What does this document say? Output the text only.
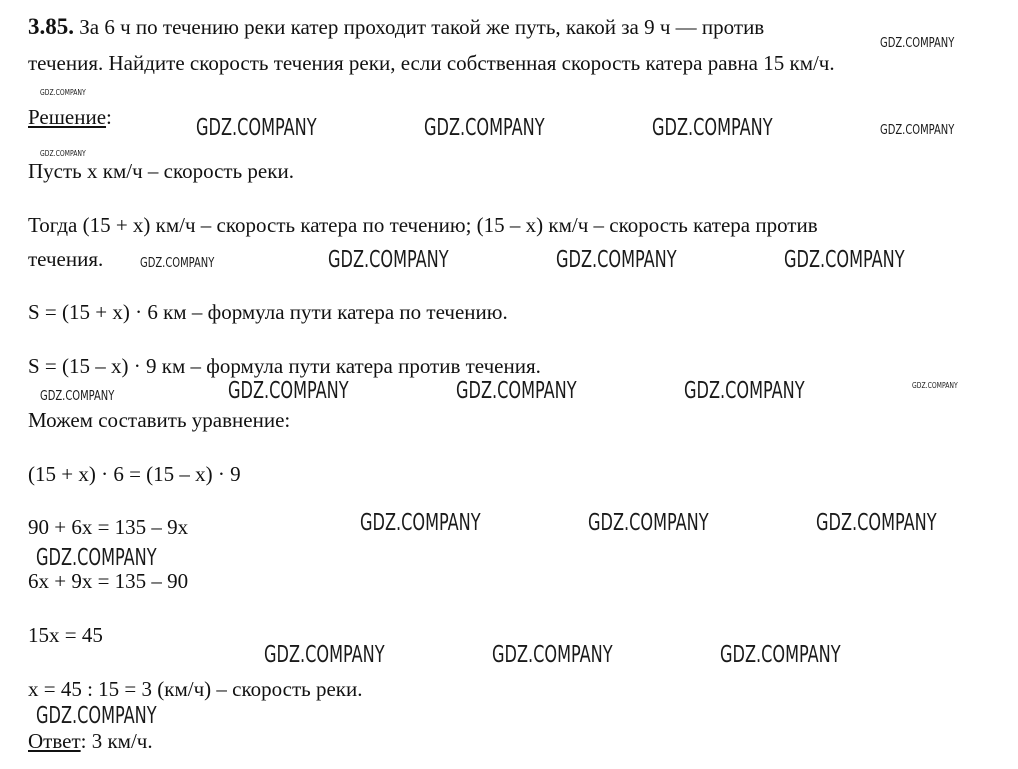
3.85. За 6 ч по течению реки катер проходит такой же путь, какой за 9 ч — против
течения. Найдите скорость течения реки, если собственная скорость катера равна 15 км/ч.
Решение:
Пусть x км/ч – скорость реки.
Тогда (15 + x) км/ч – скорость катера по течению; (15 – x) км/ч – скорость катера против
течения.
S = (15 + x) · 6 км – формула пути катера по течению.
S = (15 – x) · 9 км – формула пути катера против течения.
Можем составить уравнение:
(15 + x) · 6 = (15 – x) · 9
90 + 6x = 135 – 9x
6x + 9x = 135 – 90
15x = 45
x = 45 : 15 = 3 (км/ч) – скорость реки.
Ответ: 3 км/ч.
GDZ.COMPANY
GDZ.COMPANY
GDZ.COMPANY
GDZ.COMPANY	GDZ.COMPANY	GDZ.COMPANY	GDZ.COMPANY
GDZ.COMPANY	GDZ.COMPANY	GDZ.COMPANY	GDZ.COMPANY
GDZ.COMPANY	GDZ.COMPANY	GDZ.COMPANY	GDZ.COMPANY	GDZ.COMPANY
GDZ.COMPANY	GDZ.COMPANY	GDZ.COMPANY
GDZ.COMPANY
GDZ.COMPANY	GDZ.COMPANY	GDZ.COMPANY
GDZ.COMPANY
